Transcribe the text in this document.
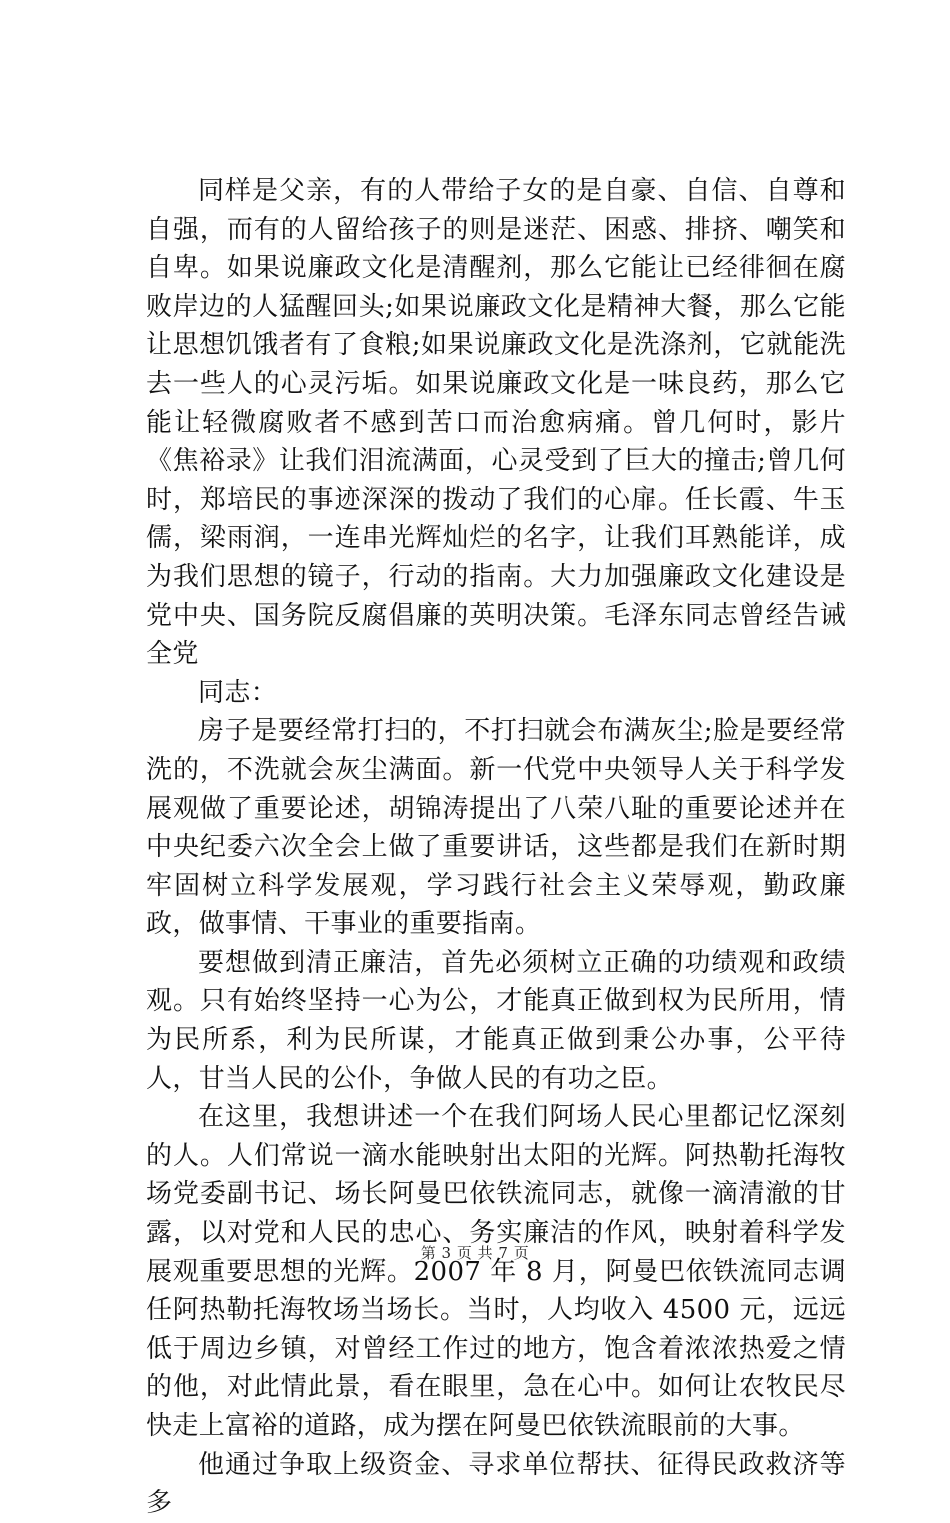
同样是父亲，有的人带给子女的是自豪、自信、自尊和自强，而有的人留给孩子的则是迷茫、困惑、排挤、嘲笑和自卑。如果说廉政文化是清醒剂，那么它能让已经徘徊在腐败岸边的人猛醒回头;如果说廉政文化是精神大餐，那么它能让思想饥饿者有了食粮;如果说廉政文化是洗涤剂，它就能洗去一些人的心灵污垢。如果说廉政文化是一味良药，那么它能让轻微腐败者不感到苦口而治愈病痛。曾几何时，影片《焦裕录》让我们泪流满面，心灵受到了巨大的撞击;曾几何时，郑培民的事迹深深的拨动了我们的心扉。任长霞、牛玉儒，梁雨润，一连串光辉灿烂的名字，让我们耳熟能详，成为我们思想的镜子，行动的指南。大力加强廉政文化建设是党中央、国务院反腐倡廉的英明决策。毛泽东同志曾经告诫全党

同志：

房子是要经常打扫的，不打扫就会布满灰尘;脸是要经常洗的，不洗就会灰尘满面。新一代党中央领导人关于科学发展观做了重要论述，胡锦涛提出了八荣八耻的重要论述并在中央纪委六次全会上做了重要讲话，这些都是我们在新时期牢固树立科学发展观，学习践行社会主义荣辱观，勤政廉政，做事情、干事业的重要指南。

要想做到清正廉洁，首先必须树立正确的功绩观和政绩观。只有始终坚持一心为公，才能真正做到权为民所用，情为民所系，利为民所谋，才能真正做到秉公办事，公平待人，甘当人民的公仆，争做人民的有功之臣。

在这里，我想讲述一个在我们阿场人民心里都记忆深刻的人。人们常说一滴水能映射出太阳的光辉。阿热勒托海牧场党委副书记、场长阿曼巴依铁流同志，就像一滴清澈的甘露，以对党和人民的忠心、务实廉洁的作风，映射着科学发展观重要思想的光辉。2007 年 8 月，阿曼巴依铁流同志调任阿热勒托海牧场当场长。当时，人均收入 4500 元，远远低于周边乡镇，对曾经工作过的地方，饱含着浓浓热爱之情的他，对此情此景，看在眼里，急在心中。如何让农牧民尽快走上富裕的道路，成为摆在阿曼巴依铁流眼前的大事。

他通过争取上级资金、寻求单位帮扶、征得民政救济等多

第 3 页 共 7 页
